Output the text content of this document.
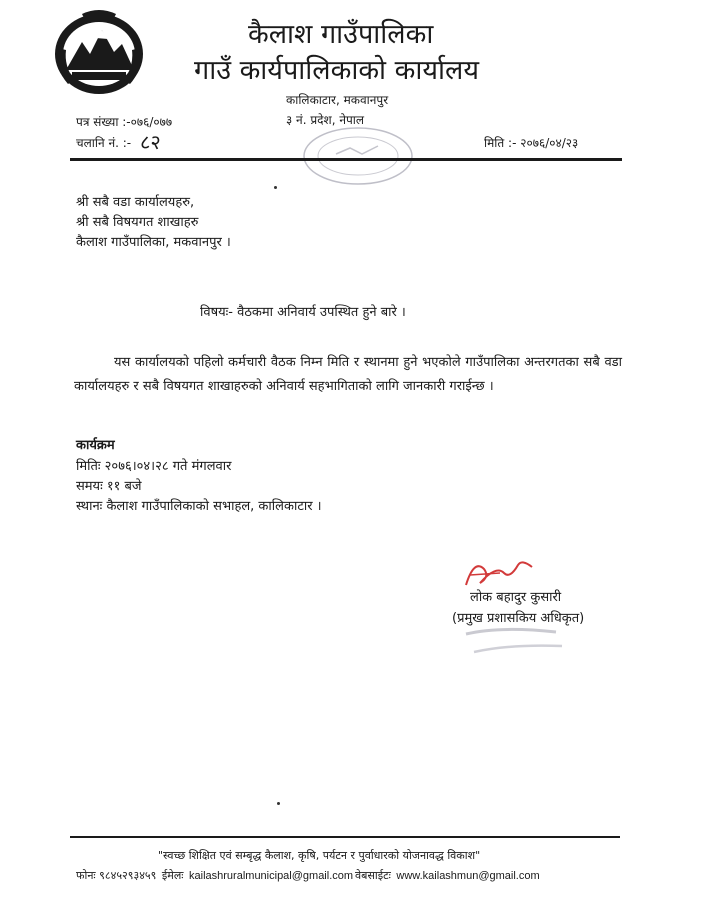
कैलाश गाउँपालिका
गाउँ कार्यपालिकाको कार्यालय
कालिकाटार, मकवानपुर
३ नं. प्रदेश, नेपाल
पत्र संख्या :-०७६/०७७
चलानि नं. :- ८२	मिति :- २०७६/०४/२३
श्री सबै वडा कार्यालयहरु,
श्री सबै विषयगत शाखाहरु
कैलाश गाउँपालिका, मकवानपुर ।
विषयः- वैठकमा अनिवार्य उपस्थित हुने बारे ।
यस कार्यालयको पहिलो कर्मचारी वैठक निम्न मिति र स्थानमा हुने भएकोले गाउँपालिका अन्तरगतका सबै वडा कार्यालयहरु र सबै विषयगत शाखाहरुको अनिवार्य सहभागिताको लागि जानकारी गराईन्छ ।
कार्यक्रम
मितिः २०७६।०४।२८ गते मंगलवार
समयः ११ बजे
स्थानः कैलाश गाउँपालिकाको सभाहल, कालिकाटार ।
लोक बहादुर कुसारी
(प्रमुख प्रशासकिय अधिकृत)
"स्वच्छ शिक्षित एवं सम्बृद्ध कैलाश, कृषि, पर्यटन र पुर्वाधारको योजनावद्ध विकाश"
फोनः ९८४५२९३४५९ ईमेलः kailashruralmunicipal@gmail.com वेबसाईटः www.kailashmun@gmail.com
